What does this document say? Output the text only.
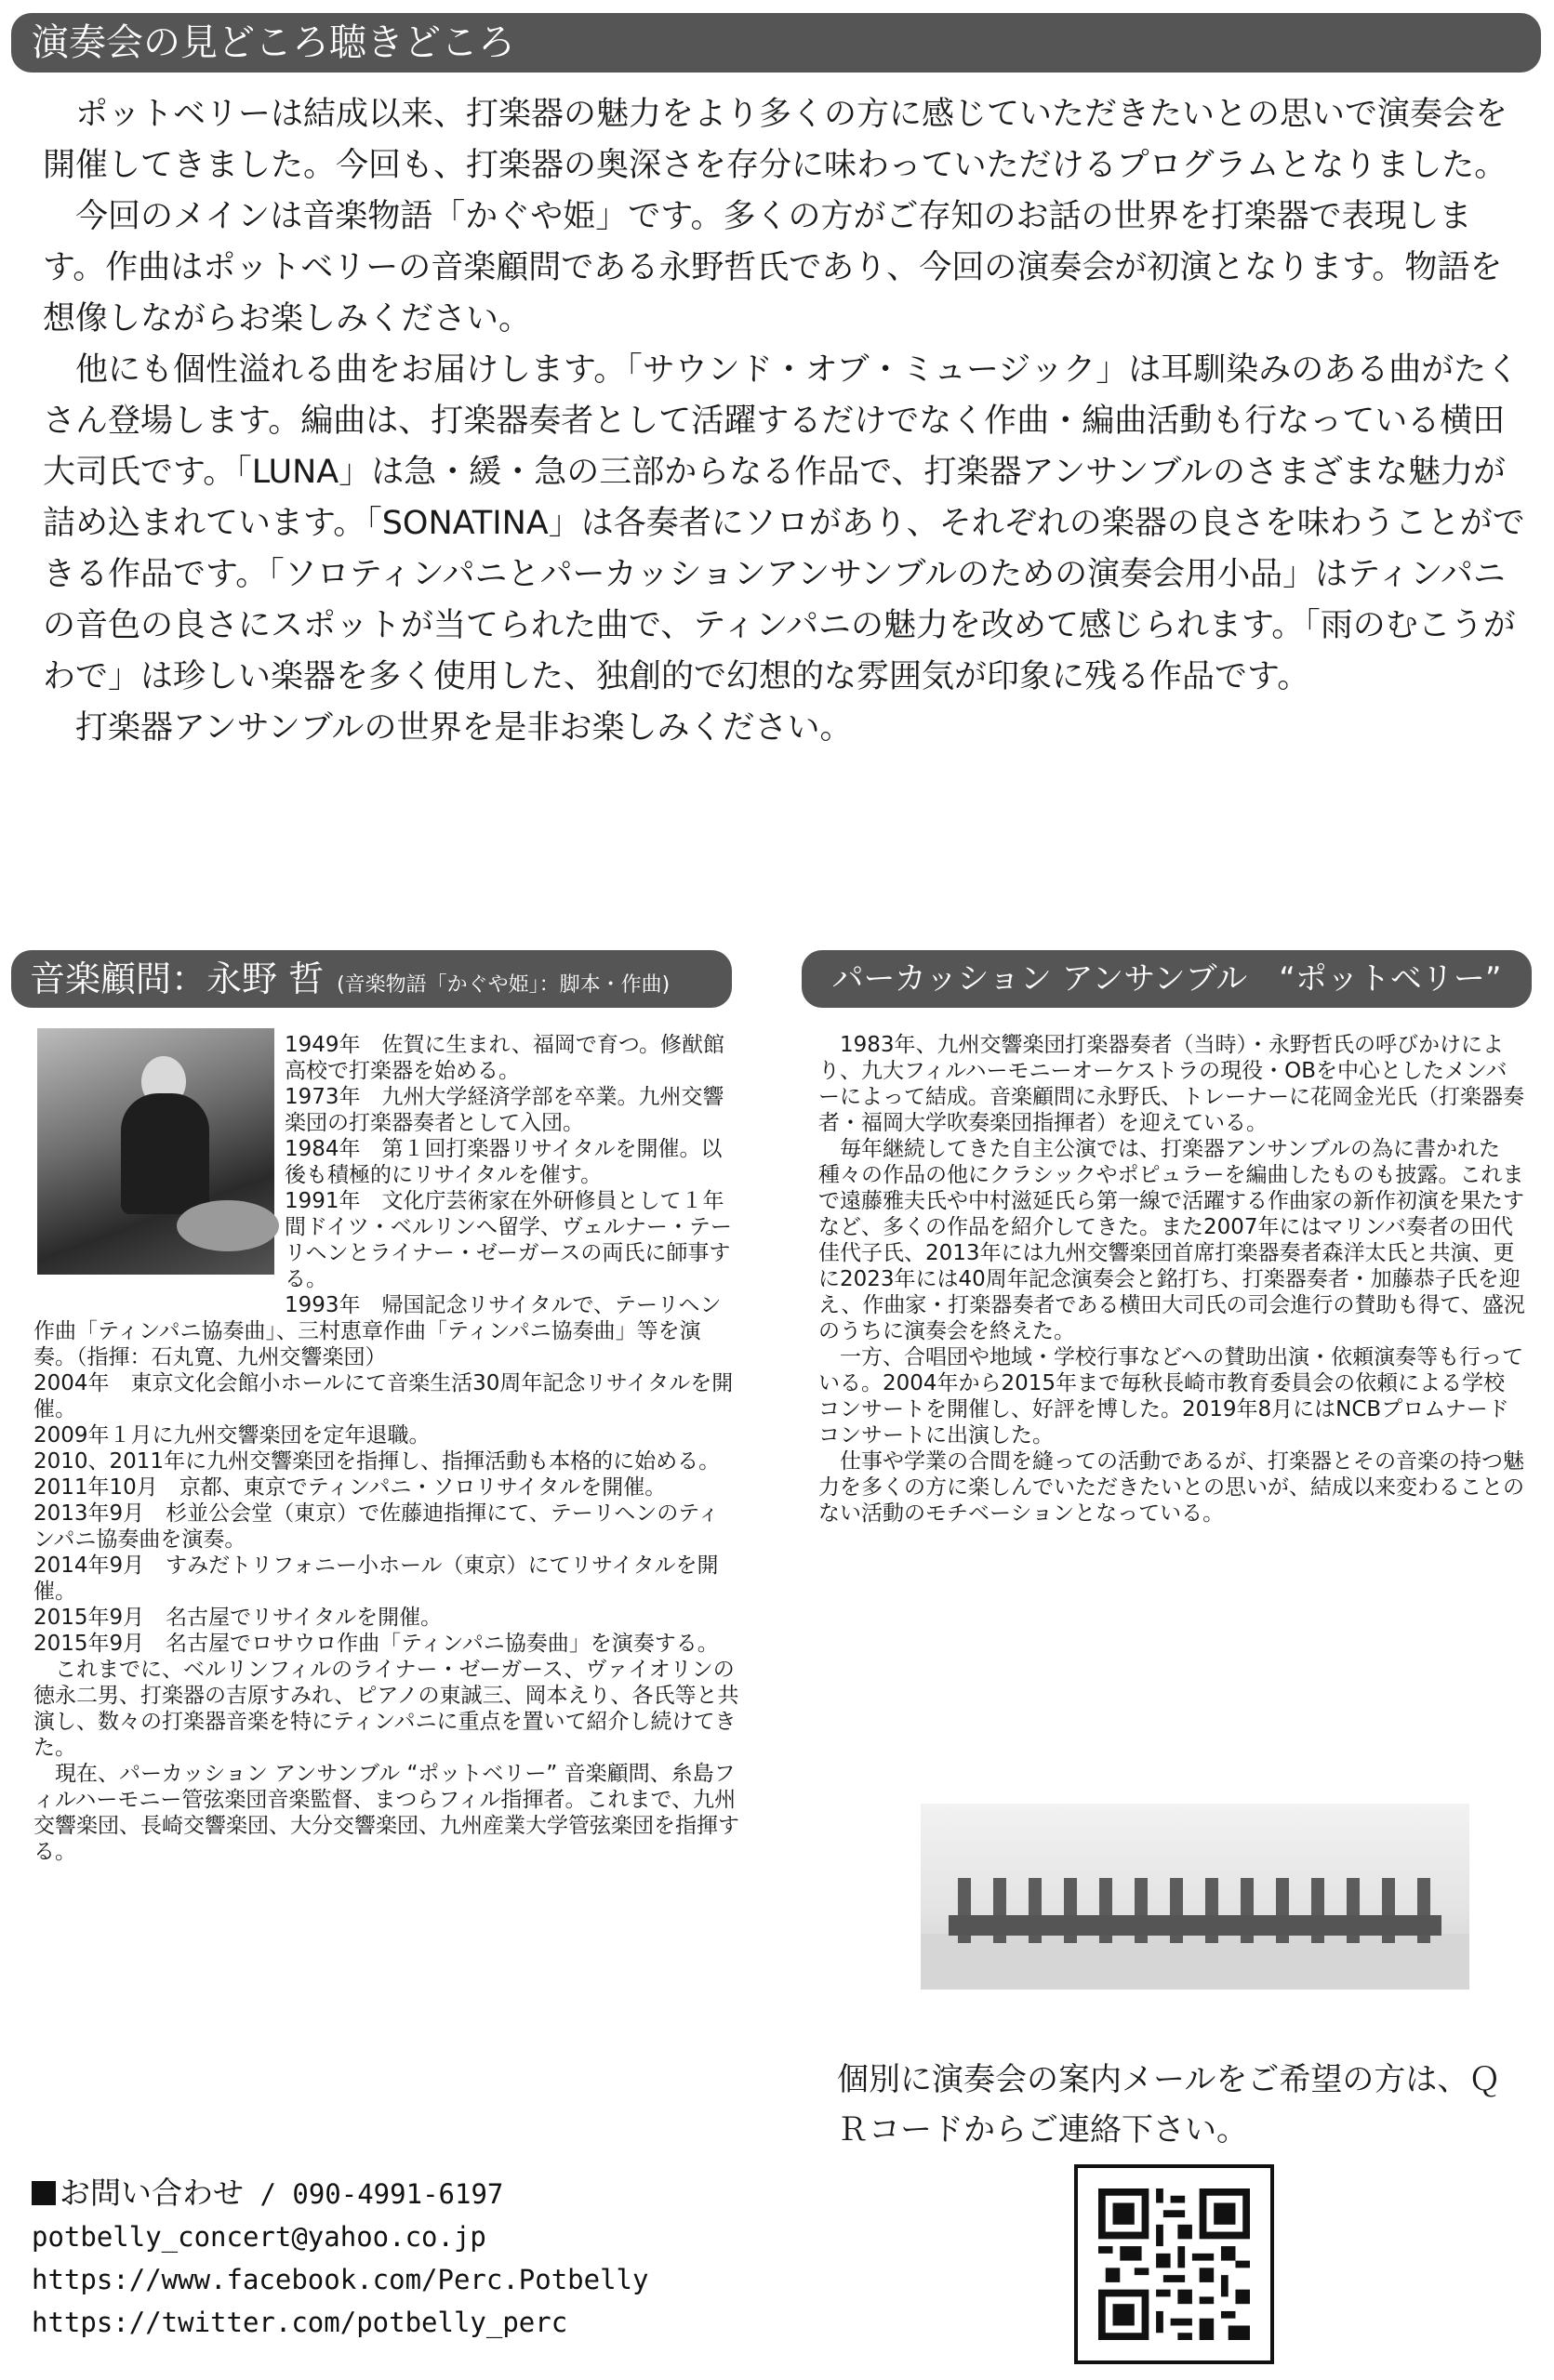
演奏会の見どころ聴きどころ

ポットベリーは結成以来、打楽器の魅力をより多くの方に感じていただきたいとの思いで演奏会を開催してきました。今回も、打楽器の奥深さを存分に味わっていただけるプログラムとなりました。

今回のメインは音楽物語「かぐや姫」です。多くの方がご存知のお話の世界を打楽器で表現します。作曲はポットベリーの音楽顧問である永野哲氏であり、今回の演奏会が初演となります。物語を想像しながらお楽しみください。

他にも個性溢れる曲をお届けします。「サウンド・オブ・ミュージック」は耳馴染みのある曲がたくさん登場します。編曲は、打楽器奏者として活躍するだけでなく作曲・編曲活動も行なっている横田大司氏です。「LUNA」は急・緩・急の三部からなる作品で、打楽器アンサンブルのさまざまな魅力が詰め込まれています。「SONATINA」は各奏者にソロがあり、それぞれの楽器の良さを味わうことができる作品です。「ソロティンパニとパーカッションアンサンブルのための演奏会用小品」はティンパニの音色の良さにスポットが当てられた曲で、ティンパニの魅力を改めて感じられます。「雨のむこうがわで」は珍しい楽器を多く使用した、独創的で幻想的な雰囲気が印象に残る作品です。

打楽器アンサンブルの世界を是非お楽しみください。

音楽顧問：永野 哲 (音楽物語「かぐや姫」：脚本・作曲)	パーカッション アンサンブル　“ポットベリー”

1949年　佐賀に生まれ、福岡で育つ。修猷館高校で打楽器を始める。

1973年　九州大学経済学部を卒業。九州交響楽団の打楽器奏者として入団。

1984年　第１回打楽器リサイタルを開催。以後も積極的にリサイタルを催す。

1991年　文化庁芸術家在外研修員として１年間ドイツ・ベルリンへ留学、ヴェルナー・テーリヘンとライナー・ゼーガースの両氏に師事する。

1993年　帰国記念リサイタルで、テーリヘン作曲「ティンパニ協奏曲」、三村恵章作曲「ティンパニ協奏曲」等を演奏。（指揮：石丸寛、九州交響楽団）

2004年　東京文化会館小ホールにて音楽生活30周年記念リサイタルを開催。

2009年１月に九州交響楽団を定年退職。

2010、2011年に九州交響楽団を指揮し、指揮活動も本格的に始める。

2011年10月　京都、東京でティンパニ・ソロリサイタルを開催。

2013年9月　杉並公会堂（東京）で佐藤迪指揮にて、テーリヘンのティンパニ協奏曲を演奏。

2014年9月　すみだトリフォニー小ホール（東京）にてリサイタルを開催。

2015年9月　名古屋でリサイタルを開催。

2015年9月　名古屋でロサウロ作曲「ティンパニ協奏曲」を演奏する。

これまでに、ベルリンフィルのライナー・ゼーガース、ヴァイオリンの徳永二男、打楽器の吉原すみれ、ピアノの東誠三、岡本えり、各氏等と共演し、数々の打楽器音楽を特にティンパニに重点を置いて紹介し続けてきた。

現在、パーカッション アンサンブル “ポットベリー” 音楽顧問、糸島フィルハーモニー管弦楽団音楽監督、まつらフィル指揮者。これまで、九州交響楽団、長崎交響楽団、大分交響楽団、九州産業大学管弦楽団を指揮する。

1983年、九州交響楽団打楽器奏者（当時）・永野哲氏の呼びかけにより、九大フィルハーモニーオーケストラの現役・OBを中心としたメンバーによって結成。音楽顧問に永野氏、トレーナーに花岡金光氏（打楽器奏者・福岡大学吹奏楽団指揮者）を迎えている。

毎年継続してきた自主公演では、打楽器アンサンブルの為に書かれた種々の作品の他にクラシックやポピュラーを編曲したものも披露。これまで遠藤雅夫氏や中村滋延氏ら第一線で活躍する作曲家の新作初演を果たすなど、多くの作品を紹介してきた。また2007年にはマリンバ奏者の田代佳代子氏、2013年には九州交響楽団首席打楽器奏者森洋太氏と共演、更に2023年には40周年記念演奏会と銘打ち、打楽器奏者・加藤恭子氏を迎え、作曲家・打楽器奏者である横田大司氏の司会進行の賛助も得て、盛況のうちに演奏会を終えた。

一方、合唱団や地域・学校行事などへの賛助出演・依頼演奏等も行っている。2004年から2015年まで毎秋長崎市教育委員会の依頼による学校コンサートを開催し、好評を博した。2019年8月にはNCBプロムナードコンサートに出演した。

仕事や学業の合間を縫っての活動であるが、打楽器とその音楽の持つ魅力を多くの方に楽しんでいただきたいとの思いが、結成以来変わることのない活動のモチベーションとなっている。

個別に演奏会の案内メールをご希望の方は、ＱＲコードからご連絡下さい。
お問い合わせ / 090-4991-6197
potbelly_concert@yahoo.co.jp
https://www.facebook.com/Perc.Potbelly
https://twitter.com/potbelly_perc
